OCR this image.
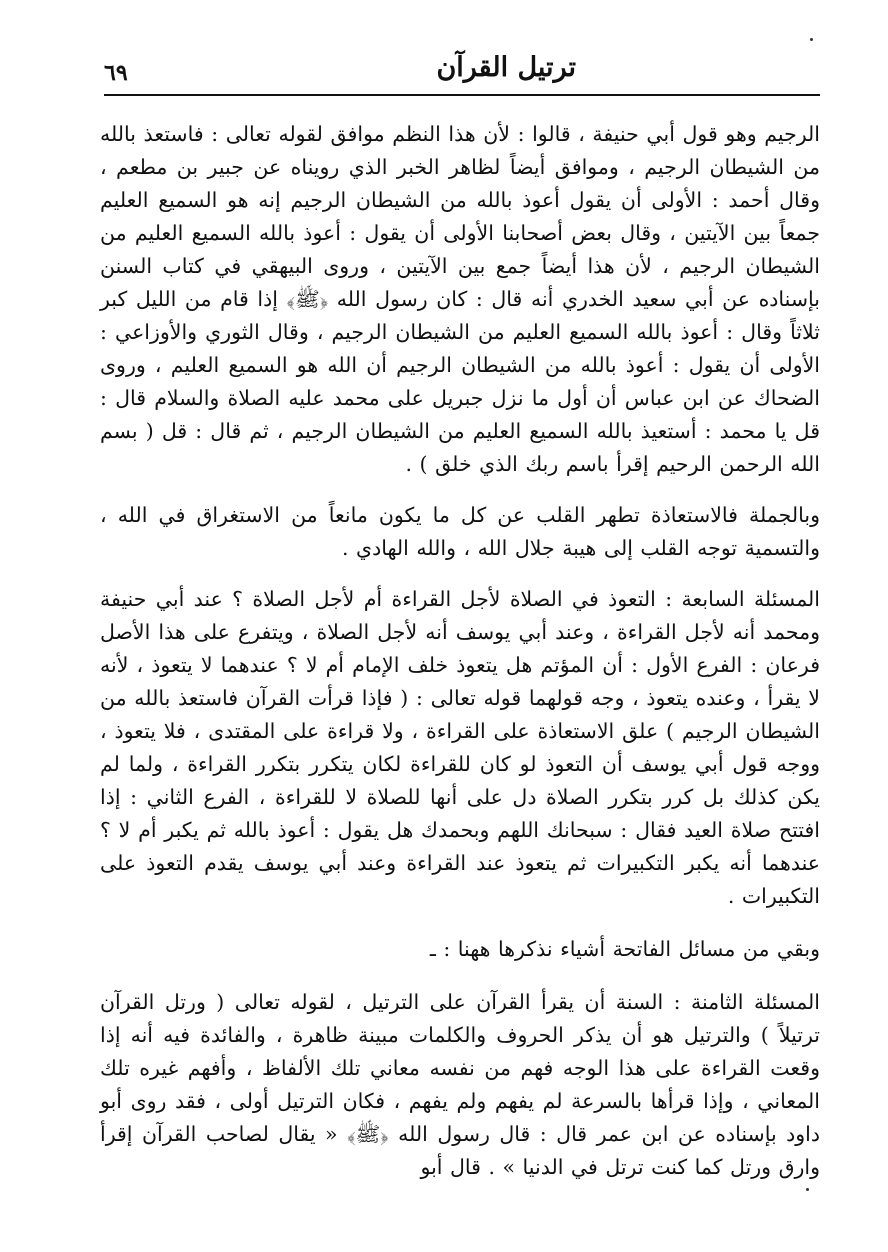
ترتيل القرآن
٦٩

الرجيم وهو قول أبي حنيفة ، قالوا : لأن هذا النظم موافق لقوله تعالى : فاستعذ بالله من الشيطان الرجيم ، وموافق أيضاً لظاهر الخبر الذي رويناه عن جبير بن مطعم ، وقال أحمد : الأولى أن يقول أعوذ بالله من الشيطان الرجيم إنه هو السميع العليم جمعاً بين الآيتين ، وقال بعض أصحابنا الأولى أن يقول : أعوذ بالله السميع العليم من الشيطان الرجيم ، لأن هذا أيضاً جمع بين الآيتين ، وروى البيهقي في كتاب السنن بإسناده عن أبي سعيد الخدري أنه قال : كان رسول الله ﴿ﷺ﴾ إذا قام من الليل كبر ثلاثاً وقال : أعوذ بالله السميع العليم من الشيطان الرجيم ، وقال الثوري والأوزاعي : الأولى أن يقول : أعوذ بالله من الشيطان الرجيم أن الله هو السميع العليم ، وروى الضحاك عن ابن عباس أن أول ما نزل جبريل على محمد عليه الصلاة والسلام قال : قل يا محمد : أستعيذ بالله السميع العليم من الشيطان الرجيم ، ثم قال : قل ( بسم الله الرحمن الرحيم إقرأ باسم ربك الذي خلق ) .

وبالجملة فالاستعاذة تطهر القلب عن كل ما يكون مانعاً من الاستغراق في الله ، والتسمية توجه القلب إلى هيبة جلال الله ، والله الهادي .

المسئلة السابعة : التعوذ في الصلاة لأجل القراءة أم لأجل الصلاة ؟ عند أبي حنيفة ومحمد أنه لأجل القراءة ، وعند أبي يوسف أنه لأجل الصلاة ، ويتفرع على هذا الأصل فرعان : الفرع الأول : أن المؤتم هل يتعوذ خلف الإمام أم لا ؟ عندهما لا يتعوذ ، لأنه لا يقرأ ، وعنده يتعوذ ، وجه قولهما قوله تعالى : ( فإذا قرأت القرآن فاستعذ بالله من الشيطان الرجيم ) علق الاستعاذة على القراءة ، ولا قراءة على المقتدى ، فلا يتعوذ ، ووجه قول أبي يوسف أن التعوذ لو كان للقراءة لكان يتكرر بتكرر القراءة ، ولما لم يكن كذلك بل كرر بتكرر الصلاة دل على أنها للصلاة لا للقراءة ، الفرع الثاني : إذا افتتح صلاة العيد فقال : سبحانك اللهم وبحمدك هل يقول : أعوذ بالله ثم يكبر أم لا ؟ عندهما أنه يكبر التكبيرات ثم يتعوذ عند القراءة وعند أبي يوسف يقدم التعوذ على التكبيرات .

وبقي من مسائل الفاتحة أشياء نذكرها ههنا : ـ

المسئلة الثامنة : السنة أن يقرأ القرآن على الترتيل ، لقوله تعالى ( ورتل القرآن ترتيلاً ) والترتيل هو أن يذكر الحروف والكلمات مبينة ظاهرة ، والفائدة فيه أنه إذا وقعت القراءة على هذا الوجه فهم من نفسه معاني تلك الألفاظ ، وأفهم غيره تلك المعاني ، وإذا قرأها بالسرعة لم يفهم ولم يفهم ، فكان الترتيل أولى ، فقد روى أبو داود بإسناده عن ابن عمر قال : قال رسول الله ﴿ﷺ﴾ « يقال لصاحب القرآن إقرأ وارق ورتل كما كنت ترتل في الدنيا » . قال أبو
